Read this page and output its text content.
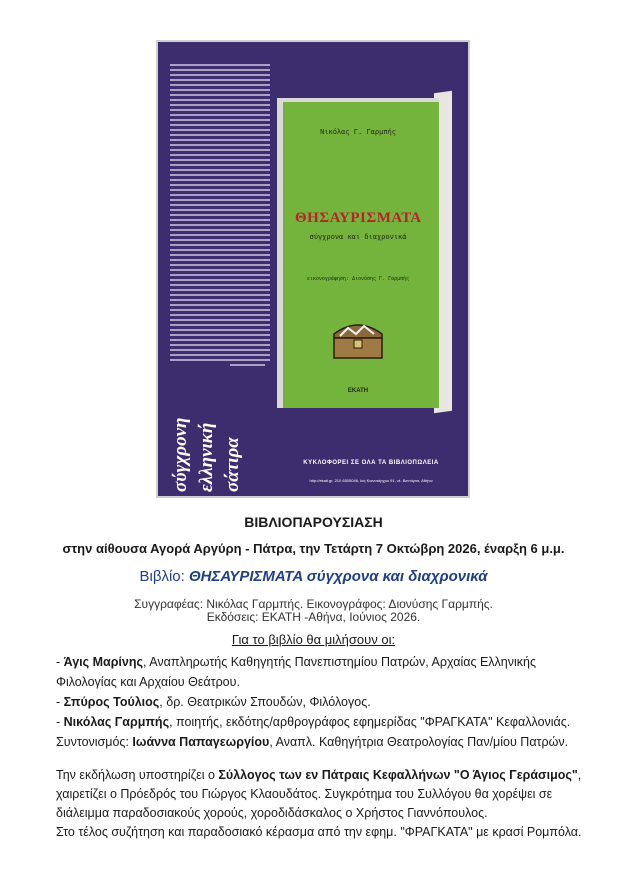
σύγχρονη ελληνική σάτιρα
Νικόλας Γ. Γαρμπής
ΘΗΣΑΥΡΙΣΜΑΤΑ
σύγχρονα και διαχρονικά
εικονογράφηση: Διονύσης Γ. Γαρμπής
ΕΚΑΤΗ
ΚΥΚΛΟΦΟΡΕΙ ΣΕ ΟΛΑ ΤΑ ΒΙΒΛΙΟΠΩΛΕΙΑ
http://ekati.gr, 210 6505046, Ιας Κοινοτάρχου 91, νέ. Βεντόρτα, Αθήνα
ΒΙΒΛΙΟΠΑΡΟΥΣΙΑΣΗ
στην αίθουσα Αγορά Αργύρη - Πάτρα, την Τετάρτη 7 Οκτώβρη 2026, έναρξη 6 μ.μ.
Βιβλίο: ΘΗΣΑΥΡΙΣΜΑΤΑ σύγχρονα και διαχρονικά
Συγγραφέας: Νικόλας Γαρμπής. Εικονογράφος: Διονύσης Γαρμπής.
Εκδόσεις: ΕΚΑΤΗ -Αθήνα, Ιούνιος 2026.
Για το βιβλίο θα μιλήσουν οι:
- Άγις Μαρίνης, Αναπληρωτής Καθηγητής Πανεπιστημίου Πατρών, Αρχαίας Ελληνικής Φιλολογίας και Αρχαίου Θεάτρου.
- Σπύρος Τούλιος, δρ. Θεατρικών Σπουδών, Φιλόλογος.
- Νικόλας Γαρμπής, ποιητής, εκδότης/αρθρογράφος εφημερίδας "ΦΡΑΓΚΑΤΑ" Κεφαλλονιάς.
Συντονισμός: Ιωάννα Παπαγεωργίου, Αναπλ. Καθηγήτρια Θεατρολογίας Παν/μίου Πατρών.
Την εκδήλωση υποστηρίζει ο Σύλλογος των εν Πάτραις Κεφαλλήνων "Ο Άγιος Γεράσιμος", χαιρετίζει ο Πρόεδρός του Γιώργος Κλαουδάτος. Συγκρότημα του Συλλόγου θα χορέψει σε διάλειμμα παραδοσιακούς χορούς, χοροδιδάσκαλος ο Χρήστος Γιαννόπουλος.
Στο τέλος συζήτηση και παραδοσιακό κέρασμα από την εφημ. "ΦΡΑΓΚΑΤΑ" με κρασί Ρομπόλα.
